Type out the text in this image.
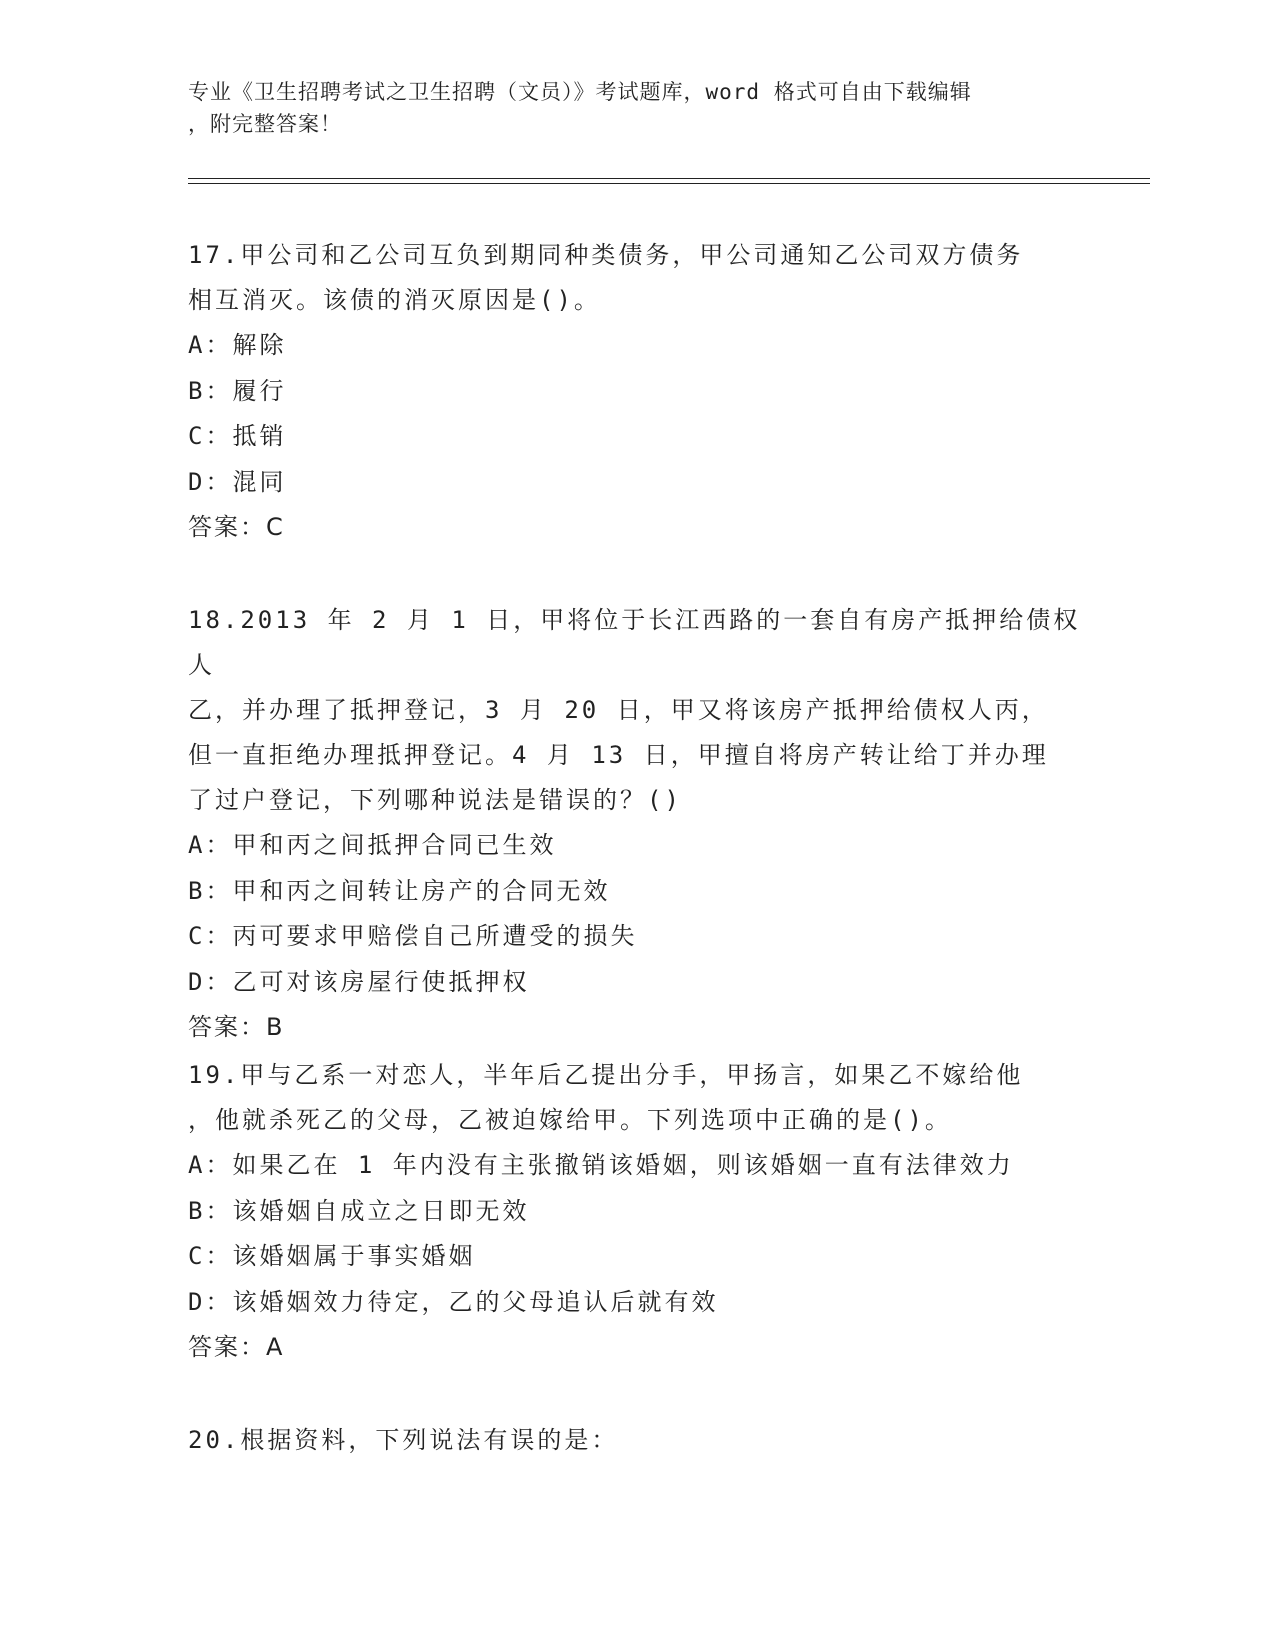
专业《卫生招聘考试之卫生招聘（文员）》考试题库，word 格式可自由下载编辑
，附完整答案！
17.甲公司和乙公司互负到期同种类债务，甲公司通知乙公司双方债务
相互消灭。该债的消灭原因是()。
A：解除
B：履行
C：抵销
D：混同
答案：C
18.2013 年 2 月 1 日，甲将位于长江西路的一套自有房产抵押给债权人
乙，并办理了抵押登记，3 月 20 日，甲又将该房产抵押给债权人丙，
但一直拒绝办理抵押登记。4 月 13 日，甲擅自将房产转让给丁并办理
了过户登记，下列哪种说法是错误的？()
A：甲和丙之间抵押合同已生效
B：甲和丙之间转让房产的合同无效
C：丙可要求甲赔偿自己所遭受的损失
D：乙可对该房屋行使抵押权
答案：B
19.甲与乙系一对恋人，半年后乙提出分手，甲扬言，如果乙不嫁给他
，他就杀死乙的父母，乙被迫嫁给甲。下列选项中正确的是()。
A：如果乙在 1 年内没有主张撤销该婚姻，则该婚姻一直有法律效力
B：该婚姻自成立之日即无效
C：该婚姻属于事实婚姻
D：该婚姻效力待定，乙的父母追认后就有效
答案：A
20.根据资料，下列说法有误的是：
